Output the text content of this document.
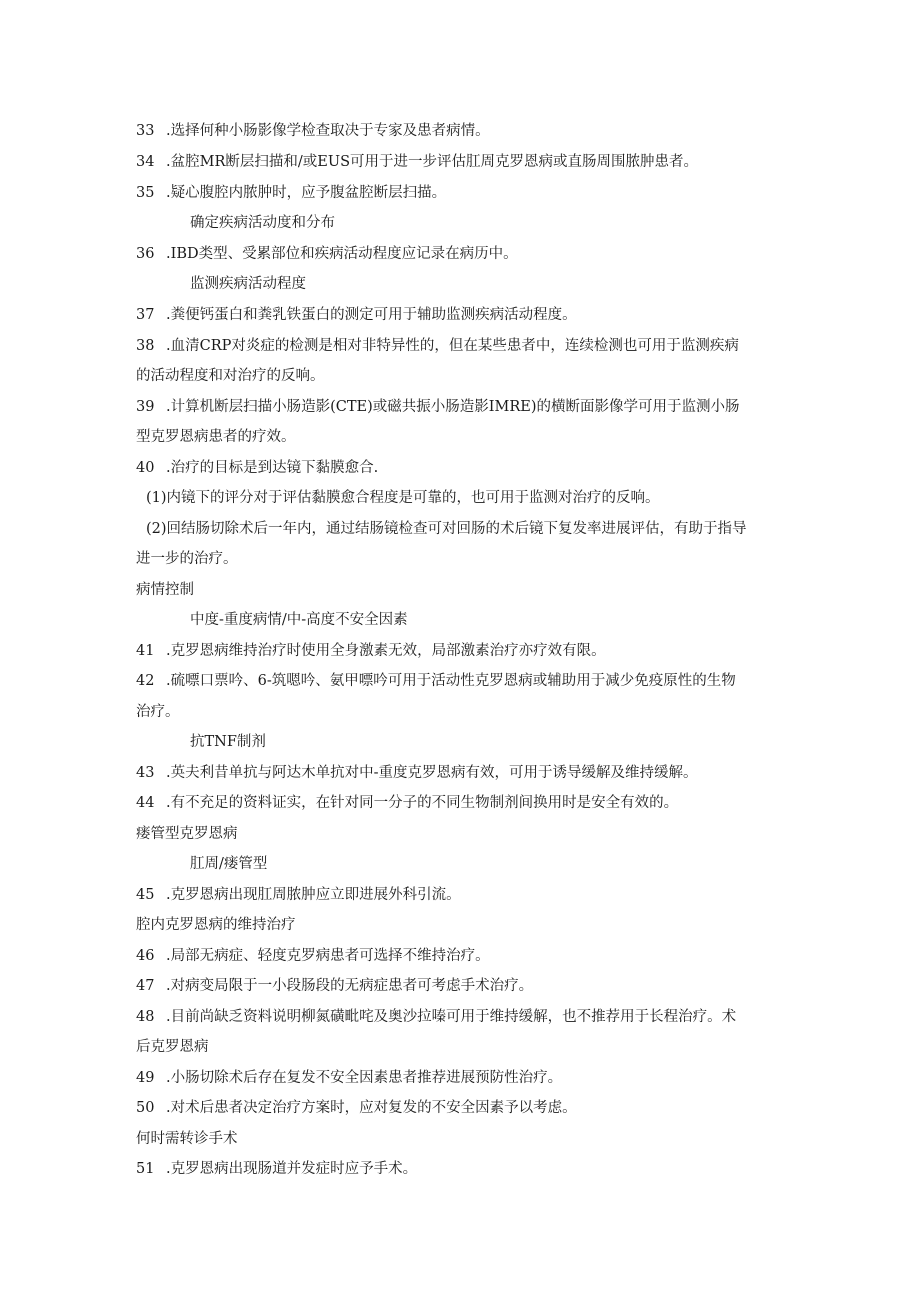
33 .选择何种小肠影像学检查取决于专家及患者病情。
34 .盆腔MR断层扫描和/或EUS可用于进一步评估肛周克罗恩病或直肠周围脓肿患者。
35 .疑心腹腔内脓肿时，应予腹盆腔断层扫描。
确定疾病活动度和分布
36 .IBD类型、受累部位和疾病活动程度应记录在病历中。
监测疾病活动程度
37 .粪便钙蛋白和粪乳铁蛋白的测定可用于辅助监测疾病活动程度。
38 .血清CRP对炎症的检测是相对非特异性的，但在某些患者中，连续检测也可用于监测疾病
的活动程度和对治疗的反响。
39 .计算机断层扫描小肠造影(CTE)或磁共振小肠造影IMRE)的横断面影像学可用于监测小肠
型克罗恩病患者的疗效。
40 .治疗的目标是到达镜下黏膜愈合.
(1)内镜下的评分对于评估黏膜愈合程度是可靠的，也可用于监测对治疗的反响。
(2)回结肠切除术后一年内，通过结肠镜检查可对回肠的术后镜下复发率进展评估，有助于指导
进一步的治疗。
病情控制
中度-重度病情/中-高度不安全因素
41 .克罗恩病维持治疗时使用全身激素无效，局部激素治疗亦疗效有限。
42 .硫嘌口票吟、6-筑嗯吟、氨甲嘌吟可用于活动性克罗恩病或辅助用于减少免疫原性的生物
治疗。
抗TNF制剂
43 .英夫利昔单抗与阿达木单抗对中-重度克罗恩病有效，可用于诱导缓解及维持缓解。
44 .有不充足的资料证实，在针对同一分子的不同生物制剂间换用时是安全有效的。
瘘管型克罗恩病
肛周/瘘管型
45 .克罗恩病出现肛周脓肿应立即进展外科引流。
腔内克罗恩病的维持治疗
46 .局部无病症、轻度克罗病患者可选择不维持治疗。
47 .对病变局限于一小段肠段的无病症患者可考虑手术治疗。
48 .目前尚缺乏资料说明柳氮磺毗咤及奥沙拉嗪可用于维持缓解，也不推荐用于长程治疗。术
后克罗恩病
49 .小肠切除术后存在复发不安全因素患者推荐进展预防性治疗。
50 .对术后患者决定治疗方案时，应对复发的不安全因素予以考虑。
何时需转诊手术
51 .克罗恩病出现肠道并发症时应予手术。
